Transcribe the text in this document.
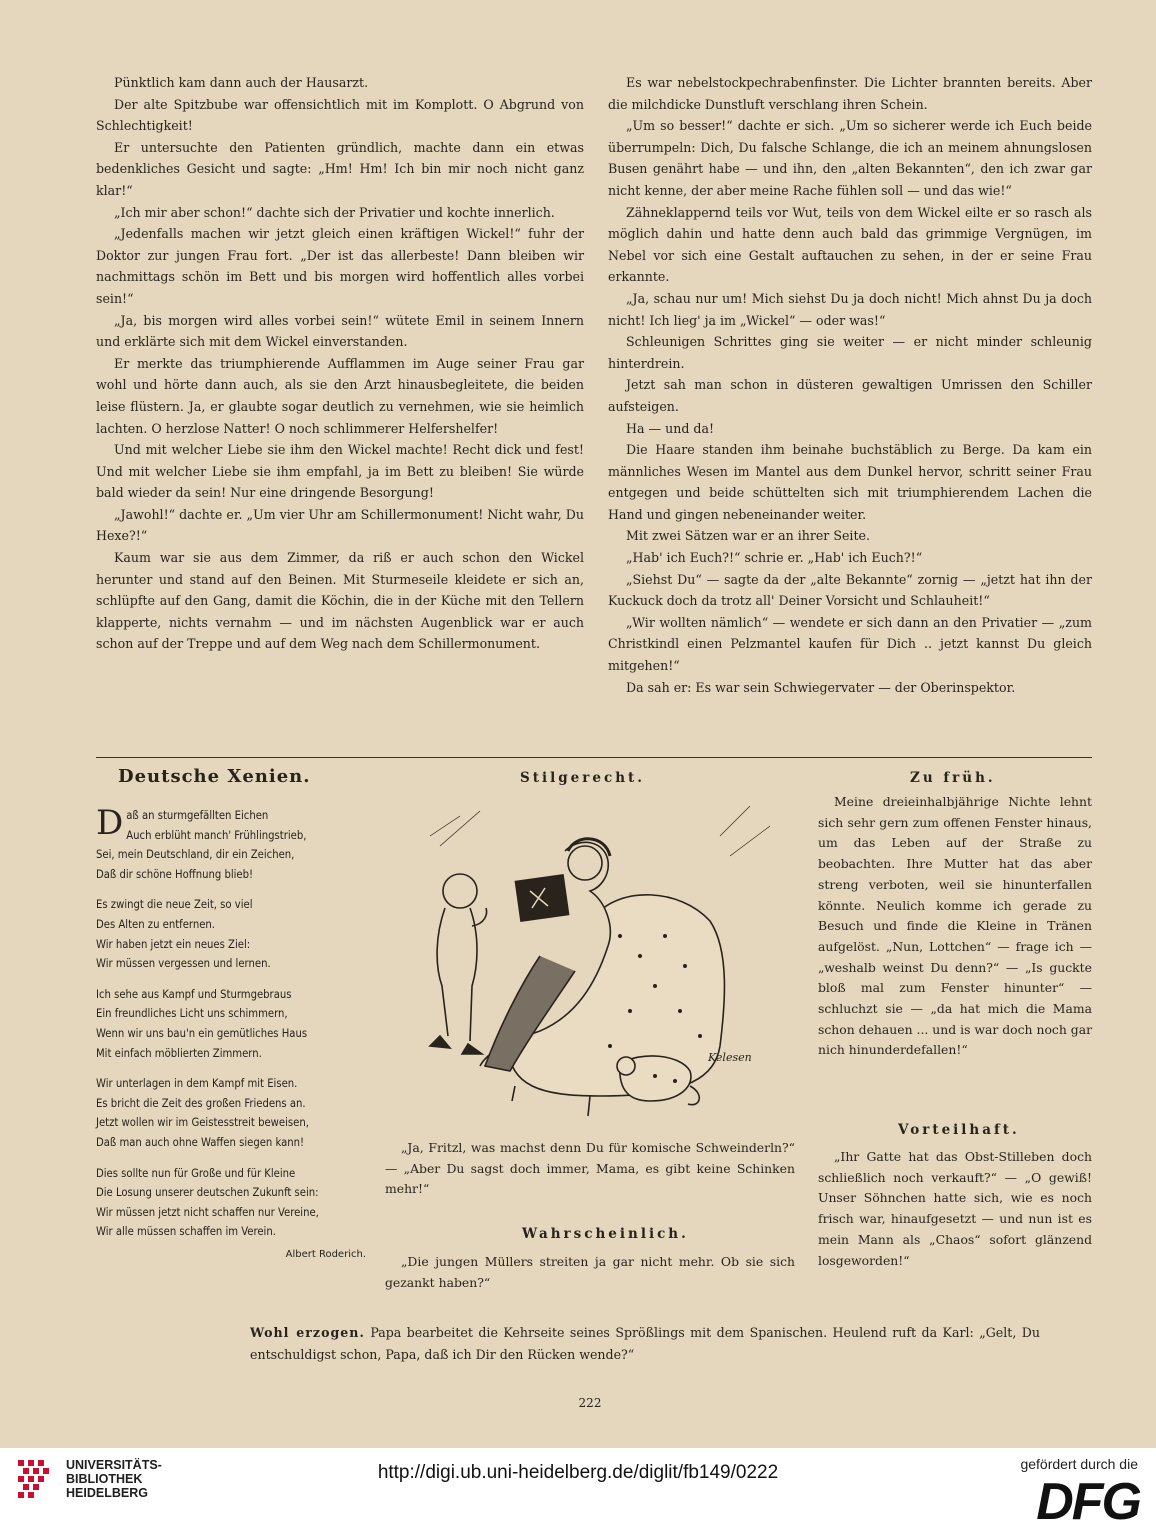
Pünktlich kam dann auch der Hausarzt.

Der alte Spitzbube war offensichtlich mit im Komplott. O Abgrund von Schlechtigkeit!

Er untersuchte den Patienten gründlich, machte dann ein etwas bedenkliches Gesicht und sagte: „Hm! Hm! Ich bin mir noch nicht ganz klar!“

„Ich mir aber schon!“ dachte sich der Privatier und kochte innerlich.

„Jedenfalls machen wir jetzt gleich einen kräftigen Wickel!“ fuhr der Doktor zur jungen Frau fort. „Der ist das allerbeste! Dann bleiben wir nachmittags schön im Bett und bis morgen wird hoffentlich alles vorbei sein!“

„Ja, bis morgen wird alles vorbei sein!“ wütete Emil in seinem Innern und erklärte sich mit dem Wickel einverstanden.

Er merkte das triumphierende Aufflammen im Auge seiner Frau gar wohl und hörte dann auch, als sie den Arzt hinausbegleitete, die beiden leise flüstern. Ja, er glaubte sogar deutlich zu vernehmen, wie sie heimlich lachten. O herzlose Natter! O noch schlimmerer Helfershelfer!

Und mit welcher Liebe sie ihm den Wickel machte! Recht dick und fest! Und mit welcher Liebe sie ihm empfahl, ja im Bett zu bleiben! Sie würde bald wieder da sein! Nur eine dringende Besorgung!

„Jawohl!“ dachte er. „Um vier Uhr am Schillermonument! Nicht wahr, Du Hexe?!“

Kaum war sie aus dem Zimmer, da riß er auch schon den Wickel herunter und stand auf den Beinen. Mit Sturmeseile kleidete er sich an, schlüpfte auf den Gang, damit die Köchin, die in der Küche mit den Tellern klapperte, nichts vernahm — und im nächsten Augenblick war er auch schon auf der Treppe und auf dem Weg nach dem Schillermonument.

Es war nebelstockpechrabenfinster. Die Lichter brannten bereits. Aber die milchdicke Dunstluft verschlang ihren Schein.

„Um so besser!“ dachte er sich. „Um so sicherer werde ich Euch beide überrumpeln: Dich, Du falsche Schlange, die ich an meinem ahnungslosen Busen genährt habe — und ihn, den „alten Bekannten“, den ich zwar gar nicht kenne, der aber meine Rache fühlen soll — und das wie!“

Zähneklappernd teils vor Wut, teils von dem Wickel eilte er so rasch als möglich dahin und hatte denn auch bald das grimmige Vergnügen, im Nebel vor sich eine Gestalt auftauchen zu sehen, in der er seine Frau erkannte.

„Ja, schau nur um! Mich siehst Du ja doch nicht! Mich ahnst Du ja doch nicht! Ich lieg' ja im „Wickel“ — oder was!“

Schleunigen Schrittes ging sie weiter — er nicht minder schleunig hinterdrein.

Jetzt sah man schon in düsteren gewaltigen Umrissen den Schiller aufsteigen.

Ha — und da!

Die Haare standen ihm beinahe buchstäblich zu Berge. Da kam ein männliches Wesen im Mantel aus dem Dunkel hervor, schritt seiner Frau entgegen und beide schüttelten sich mit triumphierendem Lachen die Hand und gingen nebeneinander weiter.

Mit zwei Sätzen war er an ihrer Seite.

„Hab' ich Euch?!“ schrie er. „Hab' ich Euch?!“

„Siehst Du“ — sagte da der „alte Bekannte“ zornig — „jetzt hat ihn der Kuckuck doch da trotz all' Deiner Vorsicht und Schlauheit!“

„Wir wollten nämlich“ — wendete er sich dann an den Privatier — „zum Christkindl einen Pelzmantel kaufen für Dich .. jetzt kannst Du gleich mitgehen!“

Da sah er: Es war sein Schwiegervater — der Oberinspektor.

Deutsche Xenien.
D aß an sturmgefällten Eichen
Auch erblüht manch' Frühlingstrieb,
Sei, mein Deutschland, dir ein Zeichen,
Daß dir schöne Hoffnung blieb!
Es zwingt die neue Zeit, so viel
Des Alten zu entfernen.
Wir haben jetzt ein neues Ziel:
Wir müssen vergessen und lernen.
Ich sehe aus Kampf und Sturmgebraus
Ein freundliches Licht uns schimmern,
Wenn wir uns bau'n ein gemütliches Haus
Mit einfach möblierten Zimmern.
Wir unterlagen in dem Kampf mit Eisen.
Es bricht die Zeit des großen Friedens an.
Jetzt wollen wir im Geistesstreit beweisen,
Daß man auch ohne Waffen siegen kann!
Dies sollte nun für Große und für Kleine
Die Losung unserer deutschen Zukunft sein:
Wir müssen jetzt nicht schaffen nur Vereine,
Wir alle müssen schaffen im Verein.
Albert Roderich.
Stilgerecht.
Kelesen

„Ja, Fritzl, was machst denn Du für komische Schweinderln?“ — „Aber Du sagst doch immer, Mama, es gibt keine Schinken mehr!“

Wahrscheinlich.

„Die jungen Müllers streiten ja gar nicht mehr. Ob sie sich gezankt haben?“

Zu früh.

Meine dreieinhalbjährige Nichte lehnt sich sehr gern zum offenen Fenster hinaus, um das Leben auf der Straße zu beobachten. Ihre Mutter hat das aber streng verboten, weil sie hinunterfallen könnte. Neulich komme ich gerade zu Besuch und finde die Kleine in Tränen aufgelöst. „Nun, Lottchen“ — frage ich — „weshalb weinst Du denn?“ — „Is guckte bloß mal zum Fenster hinunter“ — schluchzt sie — „da hat mich die Mama schon dehauen ... und is war doch noch gar nich hinunderdefallen!“

Vorteilhaft.

„Ihr Gatte hat das Obst-Stilleben doch schließlich noch verkauft?“ — „O gewiß! Unser Söhnchen hatte sich, wie es noch frisch war, hinaufgesetzt — und nun ist es mein Mann als „Chaos“ sofort glänzend losgeworden!“

Wohl erzogen. Papa bearbeitet die Kehrseite seines Sprößlings mit dem Spanischen. Heulend ruft da Karl: „Gelt, Du entschuldigst schon, Papa, daß ich Dir den Rücken wende?“

222
UNIVERSITÄTS-
BIBLIOTHEK
HEIDELBERG
http://digi.ub.uni-heidelberg.de/diglit/fb149/0222	gefördert durch die
DFG
